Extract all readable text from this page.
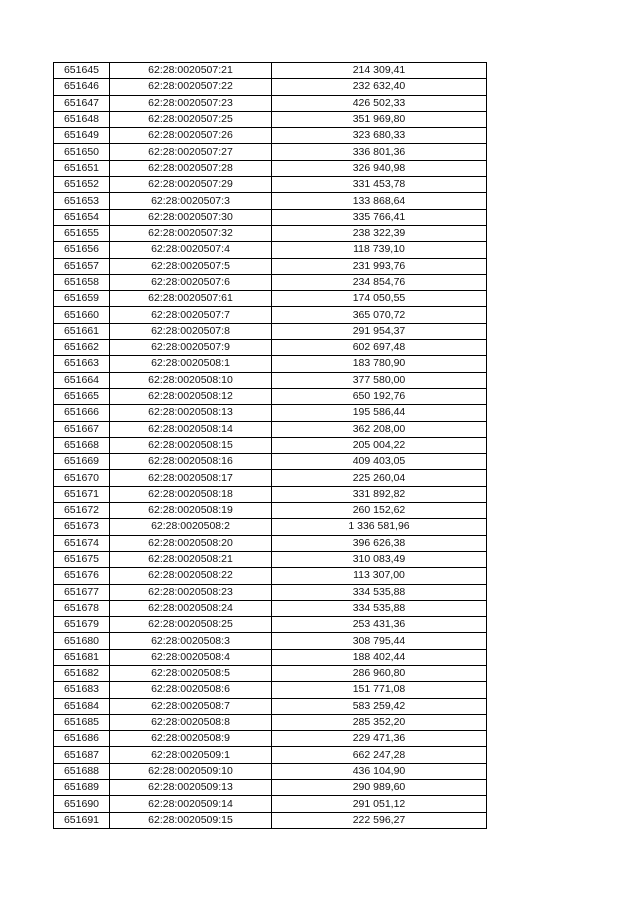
651645	62:28:0020507:21	214 309,41
651646	62:28:0020507:22	232 632,40
651647	62:28:0020507:23	426 502,33
651648	62:28:0020507:25	351 969,80
651649	62:28:0020507:26	323 680,33
651650	62:28:0020507:27	336 801,36
651651	62:28:0020507:28	326 940,98
651652	62:28:0020507:29	331 453,78
651653	62:28:0020507:3	133 868,64
651654	62:28:0020507:30	335 766,41
651655	62:28:0020507:32	238 322,39
651656	62:28:0020507:4	118 739,10
651657	62:28:0020507:5	231 993,76
651658	62:28:0020507:6	234 854,76
651659	62:28:0020507:61	174 050,55
651660	62:28:0020507:7	365 070,72
651661	62:28:0020507:8	291 954,37
651662	62:28:0020507:9	602 697,48
651663	62:28:0020508:1	183 780,90
651664	62:28:0020508:10	377 580,00
651665	62:28:0020508:12	650 192,76
651666	62:28:0020508:13	195 586,44
651667	62:28:0020508:14	362 208,00
651668	62:28:0020508:15	205 004,22
651669	62:28:0020508:16	409 403,05
651670	62:28:0020508:17	225 260,04
651671	62:28:0020508:18	331 892,82
651672	62:28:0020508:19	260 152,62
651673	62:28:0020508:2	1 336 581,96
651674	62:28:0020508:20	396 626,38
651675	62:28:0020508:21	310 083,49
651676	62:28:0020508:22	113 307,00
651677	62:28:0020508:23	334 535,88
651678	62:28:0020508:24	334 535,88
651679	62:28:0020508:25	253 431,36
651680	62:28:0020508:3	308 795,44
651681	62:28:0020508:4	188 402,44
651682	62:28:0020508:5	286 960,80
651683	62:28:0020508:6	151 771,08
651684	62:28:0020508:7	583 259,42
651685	62:28:0020508:8	285 352,20
651686	62:28:0020508:9	229 471,36
651687	62:28:0020509:1	662 247,28
651688	62:28:0020509:10	436 104,90
651689	62:28:0020509:13	290 989,60
651690	62:28:0020509:14	291 051,12
651691	62:28:0020509:15	222 596,27
